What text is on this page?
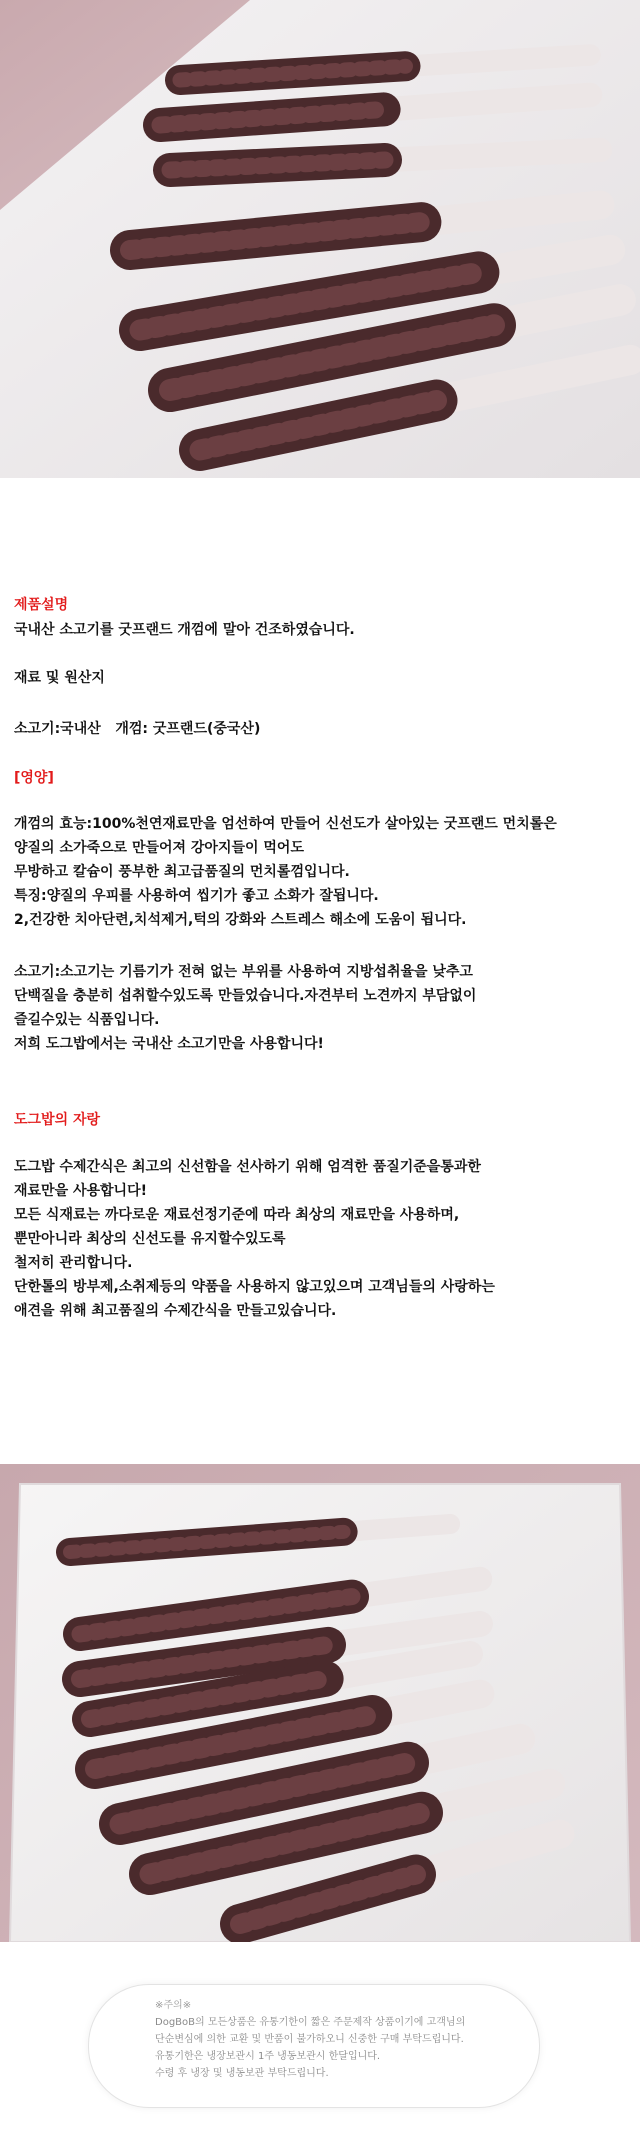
제품설명
국내산 소고기를 굿프랜드 개껌에 말아 건조하였습니다.
재료 및 원산지
소고기:국내산   개껌: 굿프랜드(중국산)
[영양]
개껌의 효능:100%천연재료만을 엄선하여 만들어 신선도가 살아있는 굿프랜드 먼치롤은
양질의 소가죽으로 만들어져 강아지들이 먹어도
무방하고 칼슘이 풍부한 최고급품질의 먼치롤껌입니다.
특징:양질의 우피를 사용하여 씹기가 좋고 소화가 잘됩니다.
2,건강한 치아단련,치석제거,턱의 강화와 스트레스 해소에 도움이 됩니다.
소고기:소고기는 기름기가 전혀 없는 부위를 사용하여 지방섭취율을 낮추고
단백질을 충분히 섭취할수있도록 만들었습니다.자견부터 노견까지 부담없이
즐길수있는 식품입니다.
저희 도그밥에서는 국내산 소고기만을 사용합니다!
도그밥의 자랑
도그밥 수제간식은 최고의 신선함을 선사하기 위해 엄격한 품질기준을통과한
재료만을 사용합니다!
모든 식재료는 까다로운 재료선정기준에 따라 최상의 재료만을 사용하며,
뿐만아니라 최상의 신선도를 유지할수있도록
철저히 관리합니다.
단한톨의 방부제,소취제등의 약품을 사용하지 않고있으며 고객님들의 사랑하는
애견을 위해 최고품질의 수제간식을 만들고있습니다.
※주의※
DogBoB의 모든상품은 유통기한이 짧은 주문제작 상품이기에 고객님의
단순변심에 의한 교환 및 반품이 불가하오니 신중한 구매 부탁드립니다.
유통기한은 냉장보관시 1주 냉동보관시 한달입니다.
수령 후 냉장 및 냉동보관 부탁드립니다.
